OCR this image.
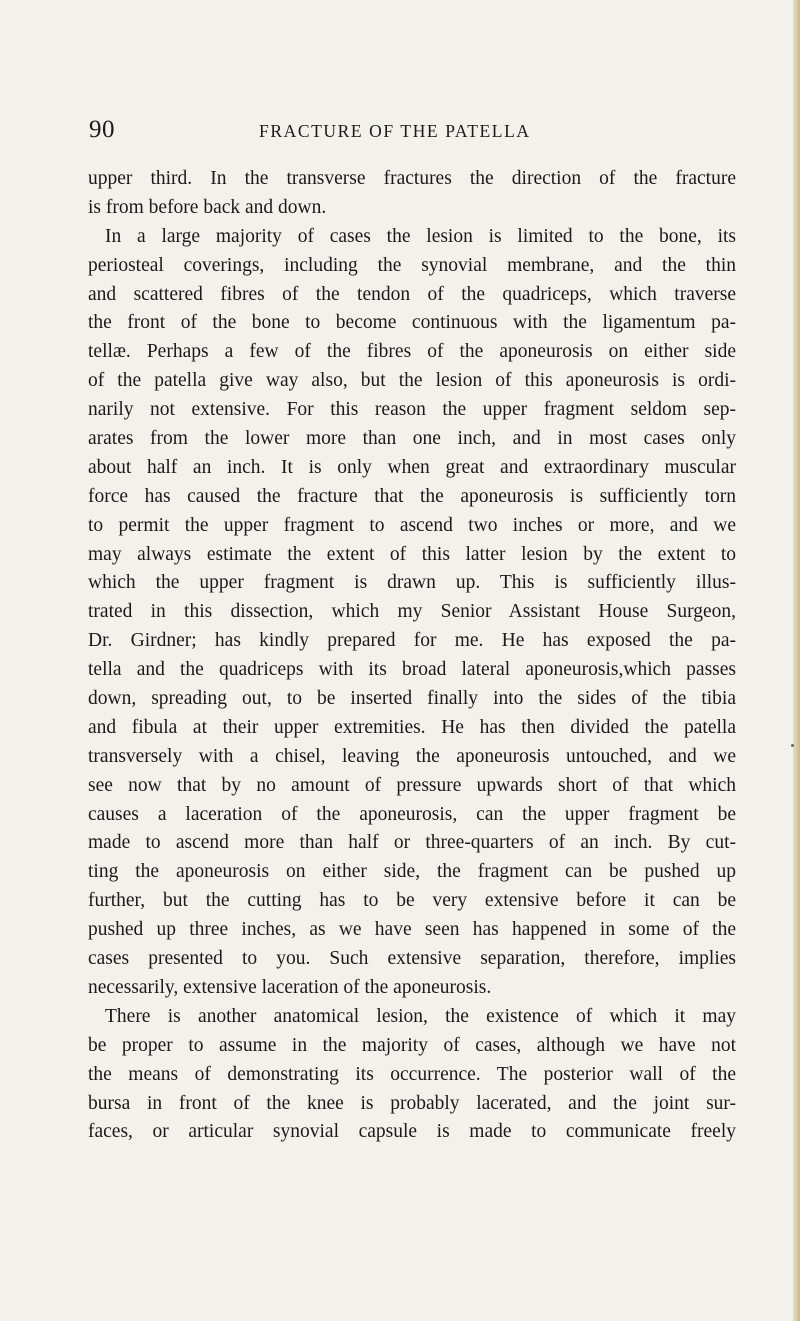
90	FRACTURE OF THE PATELLA
upper third. In the transverse fractures the direction of the fracture
is from before back and down.
In a large majority of cases the lesion is limited to the bone, its
periosteal coverings, including the synovial membrane, and the thin
and scattered fibres of the tendon of the quadriceps, which traverse
the front of the bone to become continuous with the ligamentum pa-
tellæ. Perhaps a few of the fibres of the aponeurosis on either side
of the patella give way also, but the lesion of this aponeurosis is ordi-
narily not extensive. For this reason the upper fragment seldom sep-
arates from the lower more than one inch, and in most cases only
about half an inch. It is only when great and extraordinary muscular
force has caused the fracture that the aponeurosis is sufficiently torn
to permit the upper fragment to ascend two inches or more, and we
may always estimate the extent of this latter lesion by the extent to
which the upper fragment is drawn up. This is sufficiently illus-
trated in this dissection, which my Senior Assistant House Surgeon,
Dr. Girdner; has kindly prepared for me. He has exposed the pa-
tella and the quadriceps with its broad lateral aponeurosis,which passes
down, spreading out, to be inserted finally into the sides of the tibia
and fibula at their upper extremities. He has then divided the patella
transversely with a chisel, leaving the aponeurosis untouched, and we
see now that by no amount of pressure upwards short of that which
causes a laceration of the aponeurosis, can the upper fragment be
made to ascend more than half or three-quarters of an inch. By cut-
ting the aponeurosis on either side, the fragment can be pushed up
further, but the cutting has to be very extensive before it can be
pushed up three inches, as we have seen has happened in some of the
cases presented to you. Such extensive separation, therefore, implies
necessarily, extensive laceration of the aponeurosis.
There is another anatomical lesion, the existence of which it may
be proper to assume in the majority of cases, although we have not
the means of demonstrating its occurrence. The posterior wall of the
bursa in front of the knee is probably lacerated, and the joint sur-
faces, or articular synovial capsule is made to communicate freely
